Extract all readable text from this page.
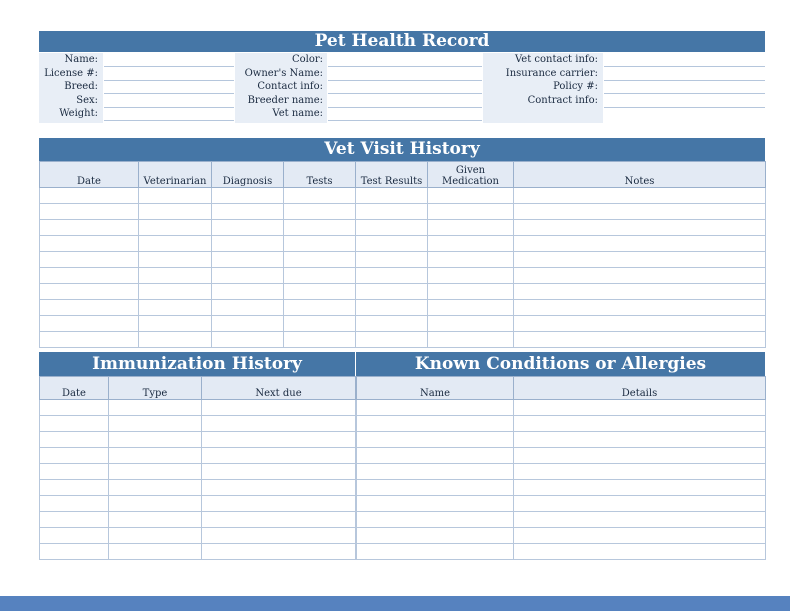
Pet Health Record
Name:
License #:
Breed:
Sex:
Weight:
Color:
Owner's Name:
Contact info:
Breeder name:
Vet name:
Vet contact info:
Insurance carrier:
Policy #:
Contract info:
Vet Visit History
Date	Veterinarian	Diagnosis	Tests	Test Results	Given Medication	Notes

Immunization History
Date	Type	Next due

Known Conditions or Allergies
Name	Details
